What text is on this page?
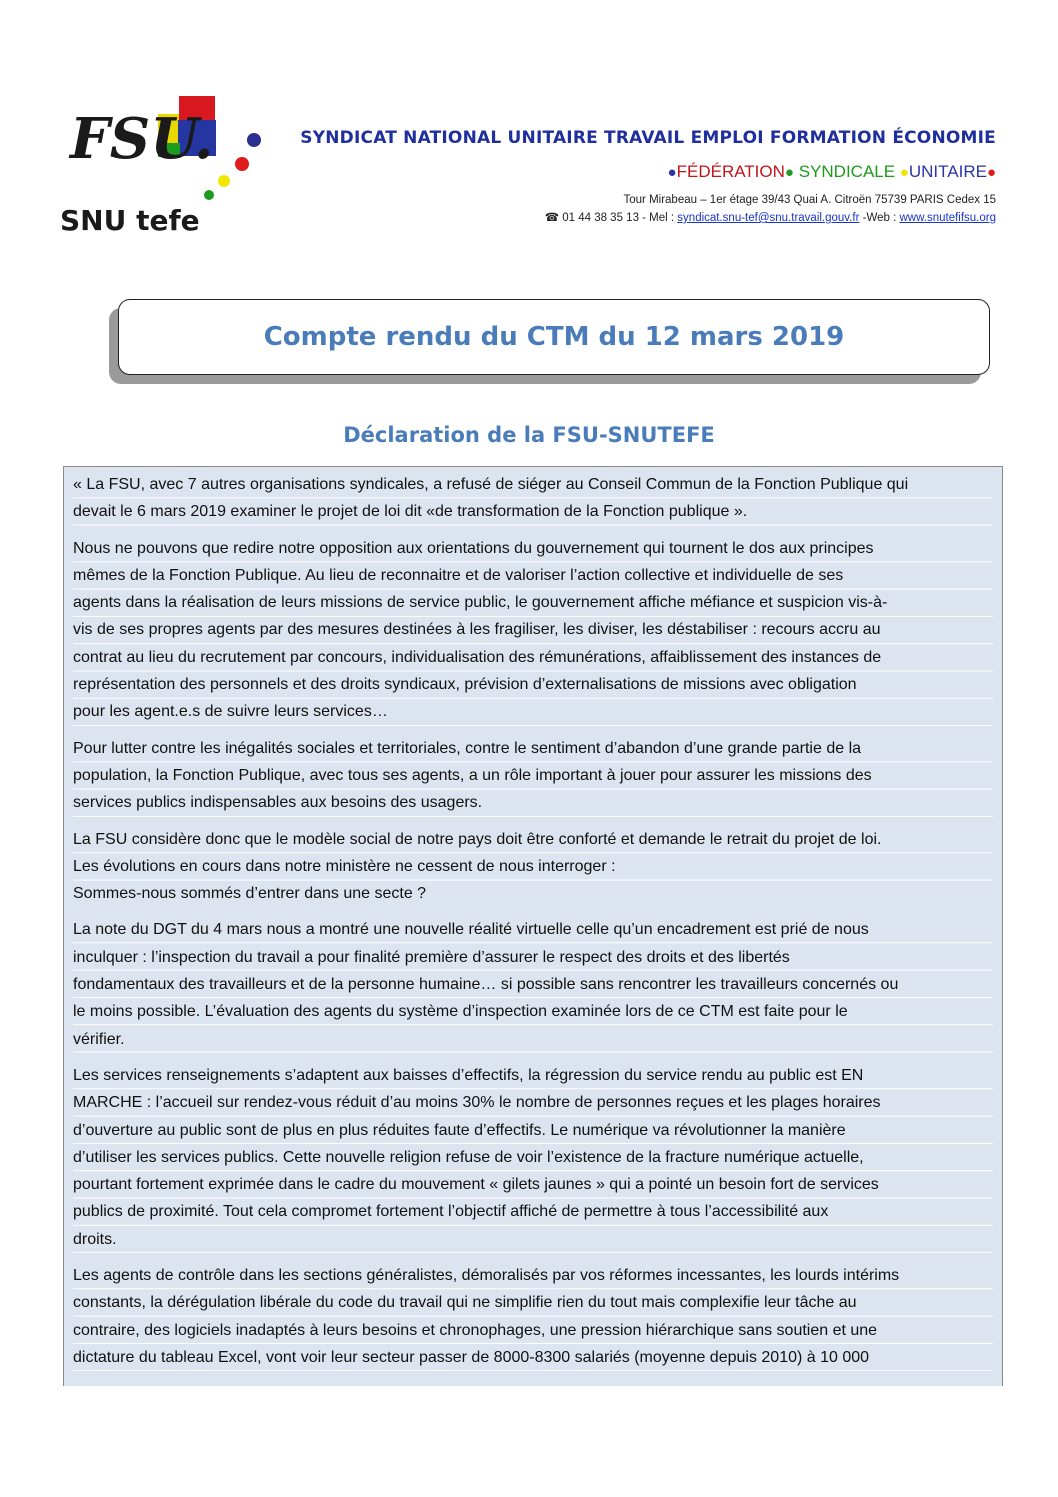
FSU.
SNU tefe
SYNDICAT NATIONAL UNITAIRE TRAVAIL EMPLOI FORMATION ÉCONOMIE
●FÉDÉRATION● SYNDICALE ●UNITAIRE●
Tour Mirabeau – 1er étage 39/43 Quai A. Citroën 75739 PARIS Cedex 15
☎ 01 44 38 35 13 - Mel : syndicat.snu-tef@snu.travail.gouv.fr -Web : www.snutefifsu.org
Compte rendu du CTM du 12 mars 2019
Déclaration de la FSU-SNUTEFE

« La FSU, avec 7 autres organisations syndicales, a refusé de siéger au Conseil Commun de la Fonction Publique qui
devait le 6 mars 2019 examiner le projet de loi dit «de transformation de la Fonction publique ».

Nous ne pouvons que redire notre opposition aux orientations du gouvernement qui tournent le dos aux principes
mêmes de la Fonction Publique. Au lieu de reconnaitre et de valoriser l’action collective et individuelle de ses
agents dans la réalisation de leurs missions de service public, le gouvernement affiche méfiance et suspicion vis-à-
vis de ses propres agents par des mesures destinées à les fragiliser, les diviser, les déstabiliser : recours accru au
contrat au lieu du recrutement par concours, individualisation des rémunérations, affaiblissement des instances de
représentation des personnels et des droits syndicaux, prévision d’externalisations de missions avec obligation
pour les agent.e.s de suivre leurs services…

Pour lutter contre les inégalités sociales et territoriales, contre le sentiment d’abandon d’une grande partie de la
population, la Fonction Publique, avec tous ses agents, a un rôle important à jouer pour assurer les missions des
services publics indispensables aux besoins des usagers.

La FSU considère donc que le modèle social de notre pays doit être conforté et demande le retrait du projet de loi.
Les évolutions en cours dans notre ministère ne cessent de nous interroger :
Sommes-nous sommés d’entrer dans une secte ?

La note du DGT du 4 mars nous a montré une nouvelle réalité virtuelle celle qu’un encadrement est prié de nous
inculquer : l’inspection du travail a pour finalité première d’assurer le respect des droits et des libertés
fondamentaux des travailleurs et de la personne humaine… si possible sans rencontrer les travailleurs concernés ou
le moins possible. L’évaluation des agents du système d’inspection examinée lors de ce CTM est faite pour le
vérifier.

Les services renseignements s’adaptent aux baisses d’effectifs, la régression du service rendu au public est EN
MARCHE : l’accueil sur rendez-vous réduit d’au moins 30% le nombre de personnes reçues et les plages horaires
d’ouverture au public sont de plus en plus réduites faute d’effectifs. Le numérique va révolutionner la manière
d’utiliser les services publics. Cette nouvelle religion refuse de voir l’existence de la fracture numérique actuelle,
pourtant fortement exprimée dans le cadre du mouvement « gilets jaunes » qui a pointé un besoin fort de services
publics de proximité. Tout cela compromet fortement l’objectif affiché de permettre à tous l’accessibilité aux
droits.

Les agents de contrôle dans les sections généralistes, démoralisés par vos réformes incessantes, les lourds intérims
constants, la dérégulation libérale du code du travail qui ne simplifie rien du tout mais complexifie leur tâche au
contraire, des logiciels inadaptés à leurs besoins et chronophages, une pression hiérarchique sans soutien et une
dictature du tableau Excel, vont voir leur secteur passer de 8000-8300 salariés (moyenne depuis 2010) à 10 000
